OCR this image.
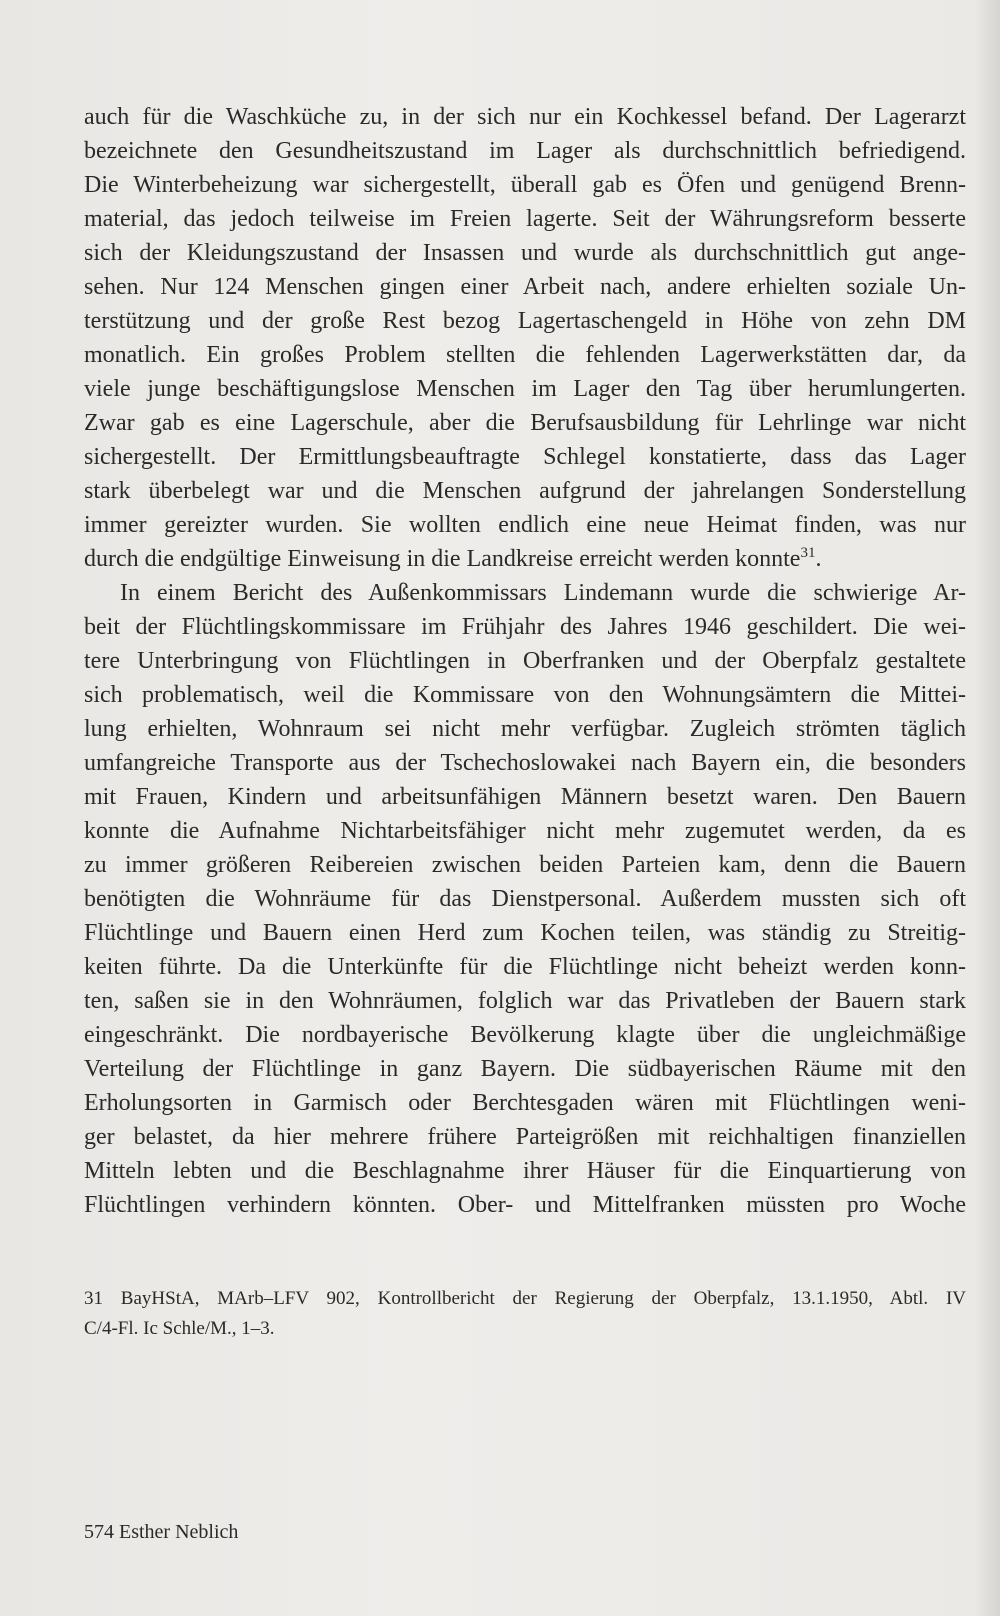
auch für die Waschküche zu, in der sich nur ein Kochkessel befand. Der Lagerarzt
bezeichnete den Gesundheitszustand im Lager als durchschnittlich befriedigend.
Die Winterbeheizung war sichergestellt, überall gab es Öfen und genügend Brenn-
material, das jedoch teilweise im Freien lagerte. Seit der Währungsreform besserte
sich der Kleidungszustand der Insassen und wurde als durchschnittlich gut ange-
sehen. Nur 124 Menschen gingen einer Arbeit nach, andere erhielten soziale Un-
terstützung und der große Rest bezog Lagertaschengeld in Höhe von zehn DM
monatlich. Ein großes Problem stellten die fehlenden Lagerwerkstätten dar, da
viele junge beschäftigungslose Menschen im Lager den Tag über herumlungerten.
Zwar gab es eine Lagerschule, aber die Berufsausbildung für Lehrlinge war nicht
sichergestellt. Der Ermittlungsbeauftragte Schlegel konstatierte, dass das Lager
stark überbelegt war und die Menschen aufgrund der jahrelangen Sonderstellung
immer gereizter wurden. Sie wollten endlich eine neue Heimat finden, was nur
durch die endgültige Einweisung in die Landkreise erreicht werden konnte$^{31}$.

In einem Bericht des Außenkommissars Lindemann wurde die schwierige Ar-
beit der Flüchtlingskommissare im Frühjahr des Jahres 1946 geschildert. Die wei-
tere Unterbringung von Flüchtlingen in Oberfranken und der Oberpfalz gestaltete
sich problematisch, weil die Kommissare von den Wohnungsämtern die Mittei-
lung erhielten, Wohnraum sei nicht mehr verfügbar. Zugleich strömten täglich
umfangreiche Transporte aus der Tschechoslowakei nach Bayern ein, die besonders
mit Frauen, Kindern und arbeitsunfähigen Männern besetzt waren. Den Bauern
konnte die Aufnahme Nichtarbeitsfähiger nicht mehr zugemutet werden, da es
zu immer größeren Reibereien zwischen beiden Parteien kam, denn die Bauern
benötigten die Wohnräume für das Dienstpersonal. Außerdem mussten sich oft
Flüchtlinge und Bauern einen Herd zum Kochen teilen, was ständig zu Streitig-
keiten führte. Da die Unterkünfte für die Flüchtlinge nicht beheizt werden konn-
ten, saßen sie in den Wohnräumen, folglich war das Privatleben der Bauern stark
eingeschränkt. Die nordbayerische Bevölkerung klagte über die ungleichmäßige
Verteilung der Flüchtlinge in ganz Bayern. Die südbayerischen Räume mit den
Erholungsorten in Garmisch oder Berchtesgaden wären mit Flüchtlingen weni-
ger belastet, da hier mehrere frühere Parteigrößen mit reichhaltigen finanziellen
Mitteln lebten und die Beschlagnahme ihrer Häuser für die Einquartierung von
Flüchtlingen verhindern könnten. Ober- und Mittelfranken müssten pro Woche

31 BayHStA, MArb–LFV 902, Kontrollbericht der Regierung der Oberpfalz, 13.1.1950, Abtl. IV
C/4-Fl. Ic Schle/M., 1–3.
574 Esther Neblich
